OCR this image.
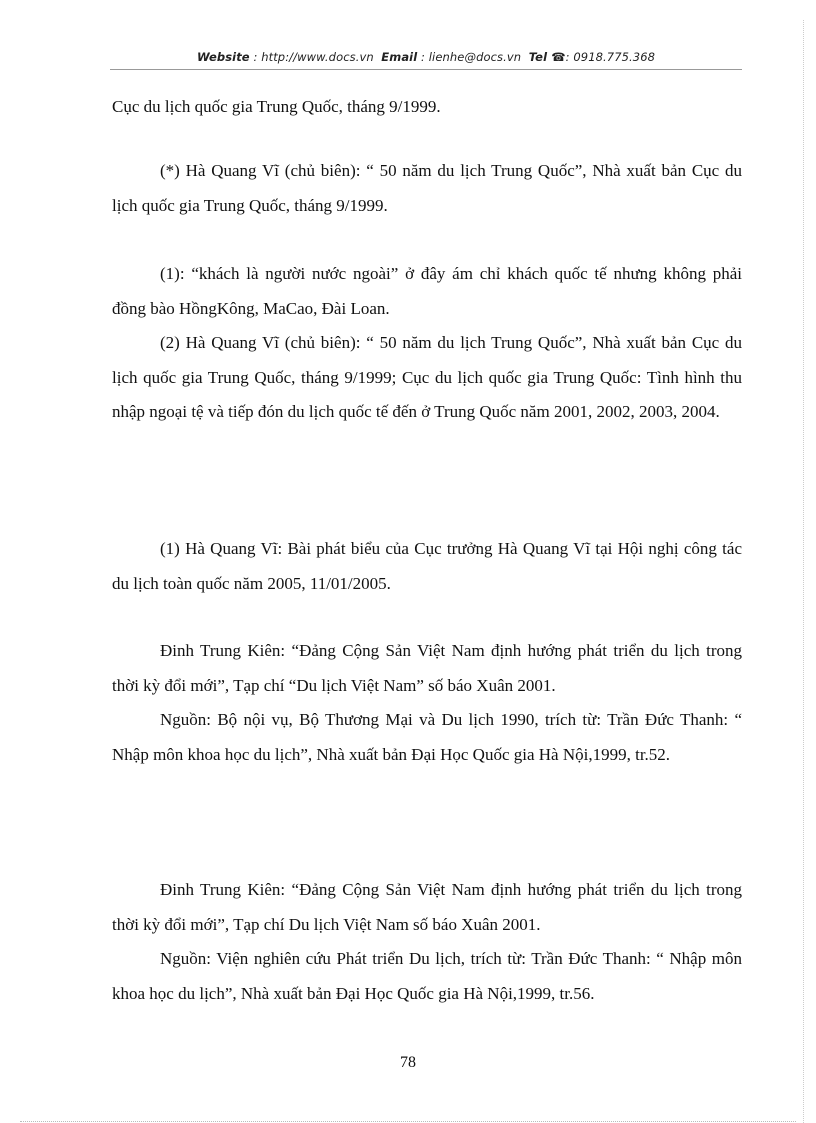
Website : http://www.docs.vn Email : lienhe@docs.vn Tel ☎: 0918.775.368

Cục du lịch quốc gia Trung Quốc, tháng 9/1999.

(*) Hà Quang Vĩ (chủ biên): “ 50 năm du lịch Trung Quốc”, Nhà xuất bản Cục du lịch quốc gia Trung Quốc, tháng 9/1999.

(1): “khách là người nước ngoài” ở đây ám chỉ khách quốc tế nhưng không phải đồng bào HồngKông, MaCao, Đài Loan.

(2) Hà Quang Vĩ (chủ biên): “ 50 năm du lịch Trung Quốc”, Nhà xuất bản Cục du lịch quốc gia Trung Quốc, tháng 9/1999; Cục du lịch quốc gia Trung Quốc: Tình hình thu nhập ngoại tệ và tiếp đón du lịch quốc tế đến ở Trung Quốc năm 2001, 2002, 2003, 2004.

(1) Hà Quang Vĩ: Bài phát biểu của Cục trưởng Hà Quang Vĩ tại Hội nghị công tác du lịch toàn quốc năm 2005, 11/01/2005.

Đinh Trung Kiên: “Đảng Cộng Sản Việt Nam định hướng phát triển du lịch trong thời kỳ đổi mới”, Tạp chí “Du lịch Việt Nam” số báo Xuân 2001.

Nguồn: Bộ nội vụ, Bộ Thương Mại và Du lịch 1990, trích từ: Trần Đức Thanh: “ Nhập môn khoa học du lịch”, Nhà xuất bản Đại Học Quốc gia Hà Nội,1999, tr.52.

Đinh Trung Kiên: “Đảng Cộng Sản Việt Nam định hướng phát triển du lịch trong thời kỳ đổi mới”, Tạp chí Du lịch Việt Nam số báo Xuân 2001.

Nguồn: Viện nghiên cứu Phát triển Du lịch, trích từ: Trần Đức Thanh: “ Nhập môn khoa học du lịch”, Nhà xuất bản Đại Học Quốc gia Hà Nội,1999, tr.56.

78
